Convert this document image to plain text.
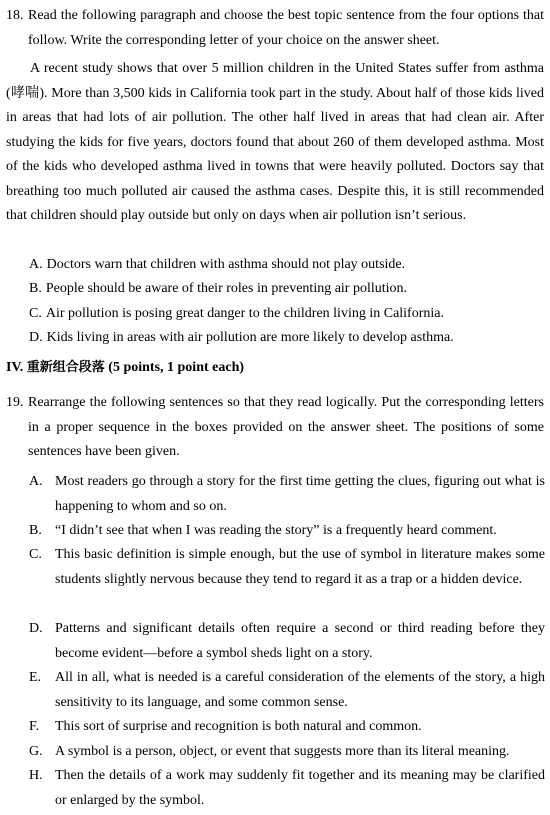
18. Read the following paragraph and choose the best topic sentence from the four options that follow. Write the corresponding letter of your choice on the answer sheet.
A recent study shows that over 5 million children in the United States suffer from asthma (哮喘). More than 3,500 kids in California took part in the study. About half of those kids lived in areas that had lots of air pollution. The other half lived in areas that had clean air. After studying the kids for five years, doctors found that about 260 of them developed asthma. Most of the kids who developed asthma lived in towns that were heavily polluted. Doctors say that breathing too much polluted air caused the asthma cases. Despite this, it is still recommended that children should play outside but only on days when air pollution isn’t serious.
A. Doctors warn that children with asthma should not play outside.
B. People should be aware of their roles in preventing air pollution.
C. Air pollution is posing great danger to the children living in California.
D. Kids living in areas with air pollution are more likely to develop asthma.
IV. 重新组合段落 (5 points, 1 point each)
19. Rearrange the following sentences so that they read logically. Put the corresponding letters in a proper sequence in the boxes provided on the answer sheet. The positions of some sentences have been given.
A. Most readers go through a story for the first time getting the clues, figuring out what is happening to whom and so on.
B. “I didn’t see that when I was reading the story” is a frequently heard comment.
C. This basic definition is simple enough, but the use of symbol in literature makes some students slightly nervous because they tend to regard it as a trap or a hidden device.
D. Patterns and significant details often require a second or third reading before they become evident—before a symbol sheds light on a story.
E. All in all, what is needed is a careful consideration of the elements of the story, a high sensitivity to its language, and some common sense.
F. This sort of surprise and recognition is both natural and common.
G. A symbol is a person, object, or event that suggests more than its literal meaning.
H. Then the details of a work may suddenly fit together and its meaning may be clarified or enlarged by the symbol.
